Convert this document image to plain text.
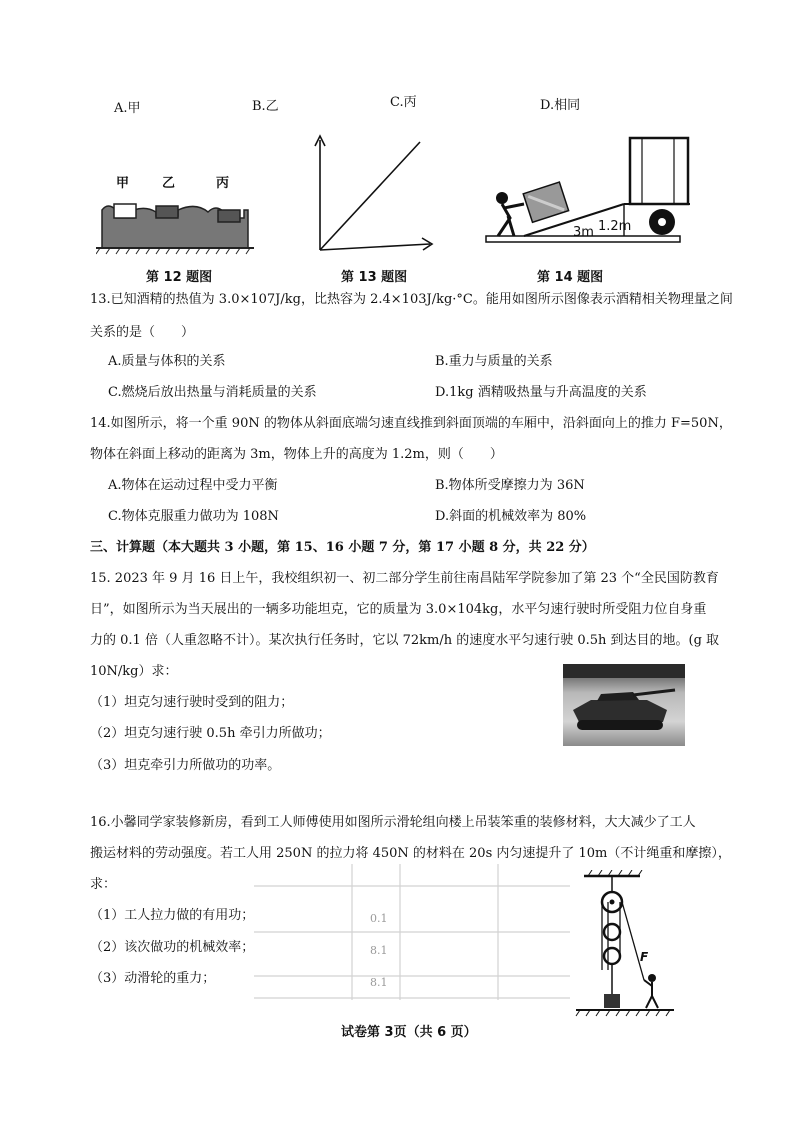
A.甲	B.乙	C.丙	D.相同
甲	乙	丙
第 12 题图	第 13 题图
3m 1.2m
第 14 题图
13.已知酒精的热值为 3.0×107J/kg，比热容为 2.4×103J/kg·°C。能用如图所示图像表示酒精相关物理量之间
关系的是（　　）
A.质量与体积的关系	B.重力与质量的关系
C.燃烧后放出热量与消耗质量的关系	D.1kg 酒精吸热量与升高温度的关系
14.如图所示，将一个重 90N 的物体从斜面底端匀速直线推到斜面顶端的车厢中，沿斜面向上的推力 F=50N，
物体在斜面上移动的距离为 3m，物体上升的高度为 1.2m，则（　　）
A.物体在运动过程中受力平衡	B.物体所受摩擦力为 36N
C.物体克服重力做功为 108N	D.斜面的机械效率为 80%
三、计算题（本大题共 3 小题，第 15、16 小题 7 分，第 17 小题 8 分，共 22 分）
15. 2023 年 9 月 16 日上午，我校组织初一、初二部分学生前往南昌陆军学院参加了第 23 个“全民国防教育
日”，如图所示为当天展出的一辆多功能坦克，它的质量为 3.0×104kg，水平匀速行驶时所受阻力位自身重
力的 0.1 倍（人重忽略不计）。某次执行任务时，它以 72km/h 的速度水平匀速行驶 0.5h 到达目的地。(g 取
10N/kg）求：
（1）坦克匀速行驶时受到的阻力；
（2）坦克匀速行驶 0.5h 牵引力所做功；
（3）坦克牵引力所做功的功率。
16.小馨同学家装修新房，看到工人师傅使用如图所示滑轮组向楼上吊装笨重的装修材料，大大减少了工人
搬运材料的劳动强度。若工人用 250N 的拉力将 450N 的材料在 20s 内匀速提升了 10m（不计绳重和摩擦），
求：
（1）工人拉力做的有用功；
（2）该次做功的机械效率；
（3）动滑轮的重力；
0.1
8.1
8.1
F
试卷第 3页（共 6 页）
